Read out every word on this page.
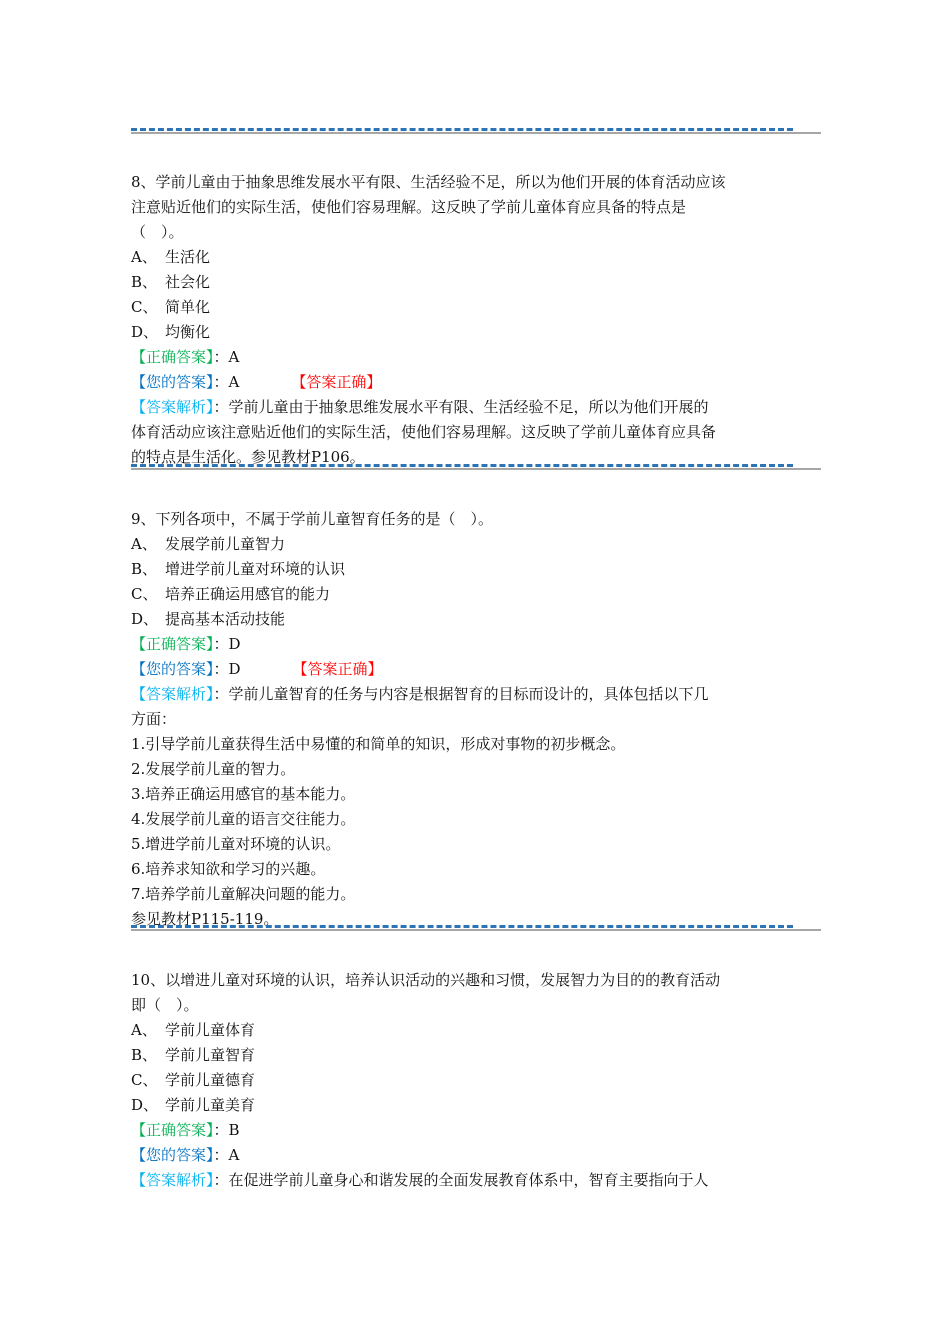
8、学前儿童由于抽象思维发展水平有限、生活经验不足，所以为他们开展的体育活动应该
注意贴近他们的实际生活，使他们容易理解。这反映了学前儿童体育应具备的特点是
（　）。
A、 生活化
B、 社会化
C、 简单化
D、 均衡化
【正确答案】：A
【您的答案】：A	【答案正确】
【答案解析】：学前儿童由于抽象思维发展水平有限、生活经验不足，所以为他们开展的
体育活动应该注意贴近他们的实际生活，使他们容易理解。这反映了学前儿童体育应具备
的特点是生活化。参见教材P106。
9、下列各项中，不属于学前儿童智育任务的是（　）。
A、 发展学前儿童智力
B、 增进学前儿童对环境的认识
C、 培养正确运用感官的能力
D、 提高基本活动技能
【正确答案】：D
【您的答案】：D	【答案正确】
【答案解析】：学前儿童智育的任务与内容是根据智育的目标而设计的，具体包括以下几
方面：
1.引导学前儿童获得生活中易懂的和简单的知识，形成对事物的初步概念。
2.发展学前儿童的智力。
3.培养正确运用感官的基本能力。
4.发展学前儿童的语言交往能力。
5.增进学前儿童对环境的认识。
6.培养求知欲和学习的兴趣。
7.培养学前儿童解决问题的能力。
参见教材P115-119。
10、以增进儿童对环境的认识，培养认识活动的兴趣和习惯，发展智力为目的的教育活动
即（　）。
A、 学前儿童体育
B、 学前儿童智育
C、 学前儿童德育
D、 学前儿童美育
【正确答案】：B
【您的答案】：A
【答案解析】：在促进学前儿童身心和谐发展的全面发展教育体系中，智育主要指向于人
